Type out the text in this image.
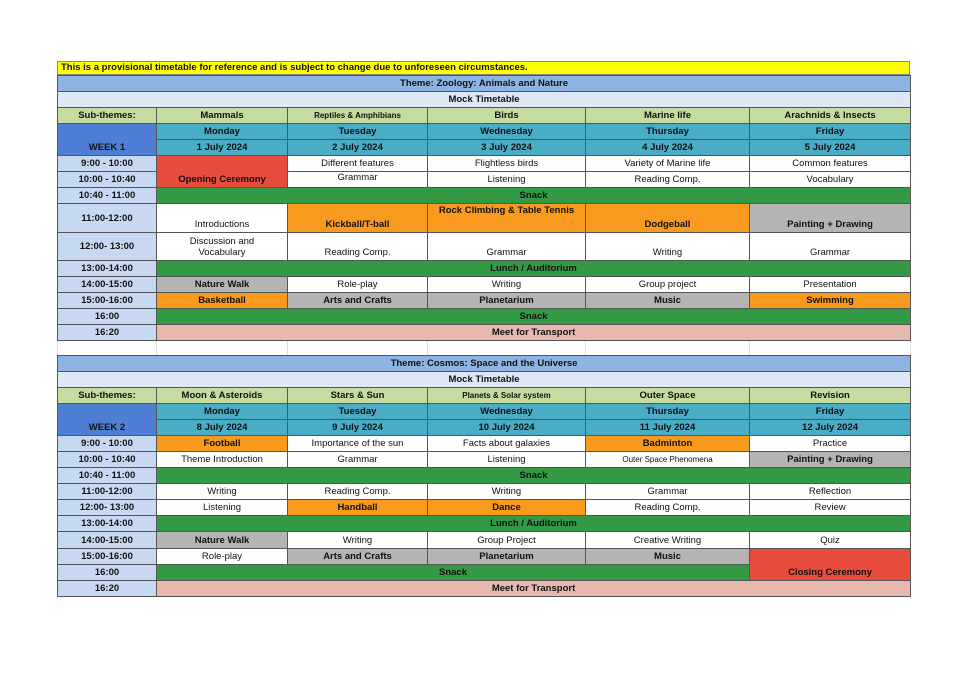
This is a provisional timetable for reference and is subject to change due to unforeseen circumstances.
Theme: Zoology: Animals and Nature					
Mock Timetable					
Sub-themes:	Mammals	Reptiles & Amphibians	Birds	Marine life	Arachnids & Insects
WEEK 1	Monday	Tuesday	Wednesday	Thursday	Friday
	1 July 2024	2 July 2024	3 July 2024	4 July 2024	5 July 2024
9:00 - 10:00	Opening Ceremony	Different features	Flightless birds	Variety of Marine life	Common features
10:00 - 10:40		Grammar	Listening	Reading Comp.	Vocabulary
10:40 - 11:00	Snack				
11:00-12:00	Introductions	Kickball/T-ball	Rock Climbing & Table Tennis	Dodgeball	Painting + Drawing
12:00- 13:00	Discussion and Vocabulary	Reading Comp.	Grammar	Writing	Grammar
13:00-14:00	Lunch / Auditorium				
14:00-15:00	Nature Walk	Role-play	Writing	Group project	Presentation
15:00-16:00	Basketball	Arts and Crafts	Planetarium	Music	Swimming
16:00	Snack				
16:20	Meet for Transport				

Theme: Cosmos: Space and the Universe					
Mock Timetable					
Sub-themes:	Moon & Asteroids	Stars & Sun	Planets & Solar system	Outer Space	Revision
WEEK 2	Monday	Tuesday	Wednesday	Thursday	Friday
	8 July 2024	9 July 2024	10 July 2024	11 July 2024	12 July 2024
9:00 - 10:00	Football	Importance of the sun	Facts about galaxies	Badminton	Practice
10:00 - 10:40	Theme Introduction	Grammar	Listening	Outer Space Phenomena	Painting + Drawing
10:40 - 11:00	Snack				
11:00-12:00	Writing	Reading Comp.	Writing	Grammar	Reflection
12:00- 13:00	Listening	Handball	Dance	Reading Comp.	Review
13:00-14:00	Lunch / Auditorium				
14:00-15:00	Nature Walk	Writing	Group Project	Creative Writing	Quiz
15:00-16:00	Role-play	Arts and Crafts	Planetarium	Music	Closing Ceremony
16:00	Snack				
16:20	Meet for Transport				
